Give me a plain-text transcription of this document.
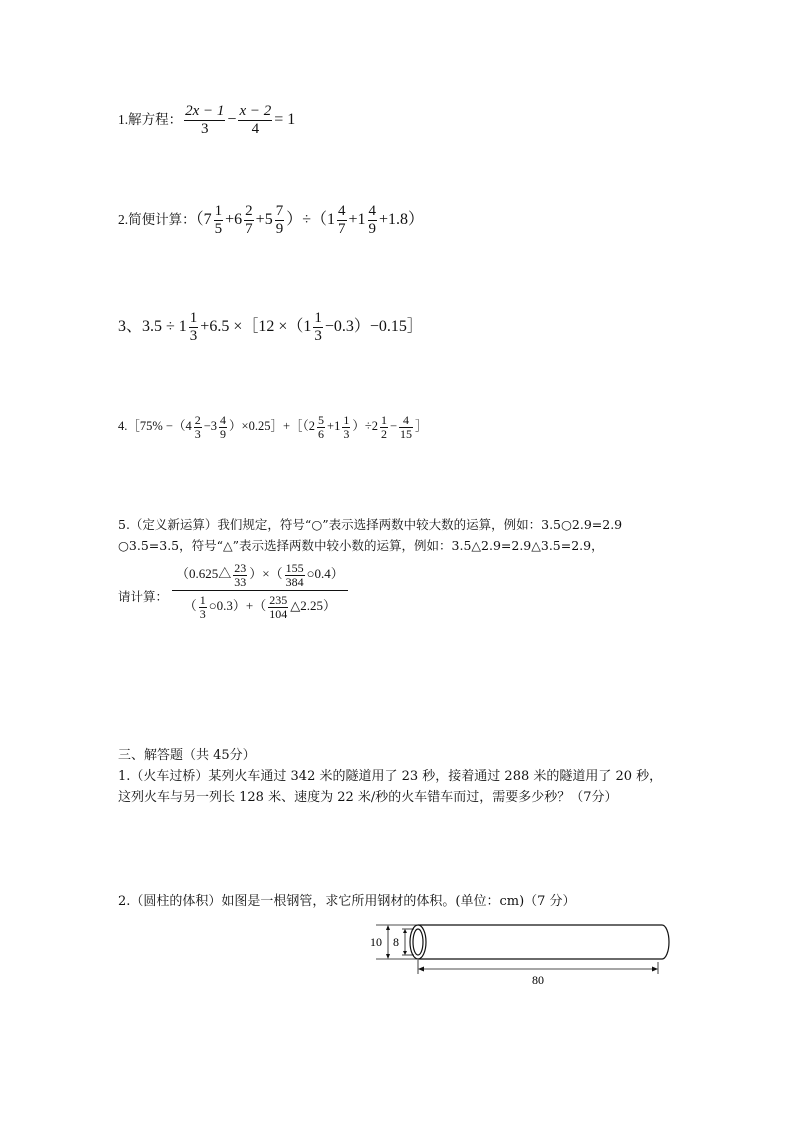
1.解方程： $\frac{2x - 1}{3} - \frac{x - 2}{4} = 1$
2.简便计算：$(7 \frac{1}{5} +6 \frac{2}{7} +5 \frac{7}{9} )\div(1 \frac{4}{7} +1 \frac{4}{9} +1.8)$
3、$3.5 \div 1 \frac{1}{3} +6.5$ ×［12 $\times(1 \frac{1}{3}$ −0.3）−0.15］
4.［75% $-(4 \frac{2}{3} -3 \frac{4}{9}$ ）×0.25］+［（2 $\frac{5}{6} +1 \frac{1}{3} )\div 2 \frac{1}{2} - \frac{4}{15}$ ］
5.（定义新运算）我们规定，符号“○”表示选择两数中较大数的运算，例如：3.5○2.9=2.9
○3.5=3.5，符号“△”表示选择两数中较小数的运算，例如：3.5△2.9=2.9△3.5=2.9，
请计算： $\frac{(0.625\triangle \frac{23}{33} )\times( \frac{155}{384} ○0.4)}{( \frac{1}{3} ○0.3)+( \frac{235}{104} \triangle 2.25)}$
三、解答题（共 45分）
1.（火车过桥）某列火车通过 342 米的隧道用了 23 秒，接着通过 288 米的隧道用了 20 秒，
这列火车与另一列长 128 米、速度为 22 米/秒的火车错车而过，需要多少秒？（7分）
2.（圆柱的体积）如图是一根钢管，求它所用钢材的体积。(单位：cm)（7 分）
10 8
80
